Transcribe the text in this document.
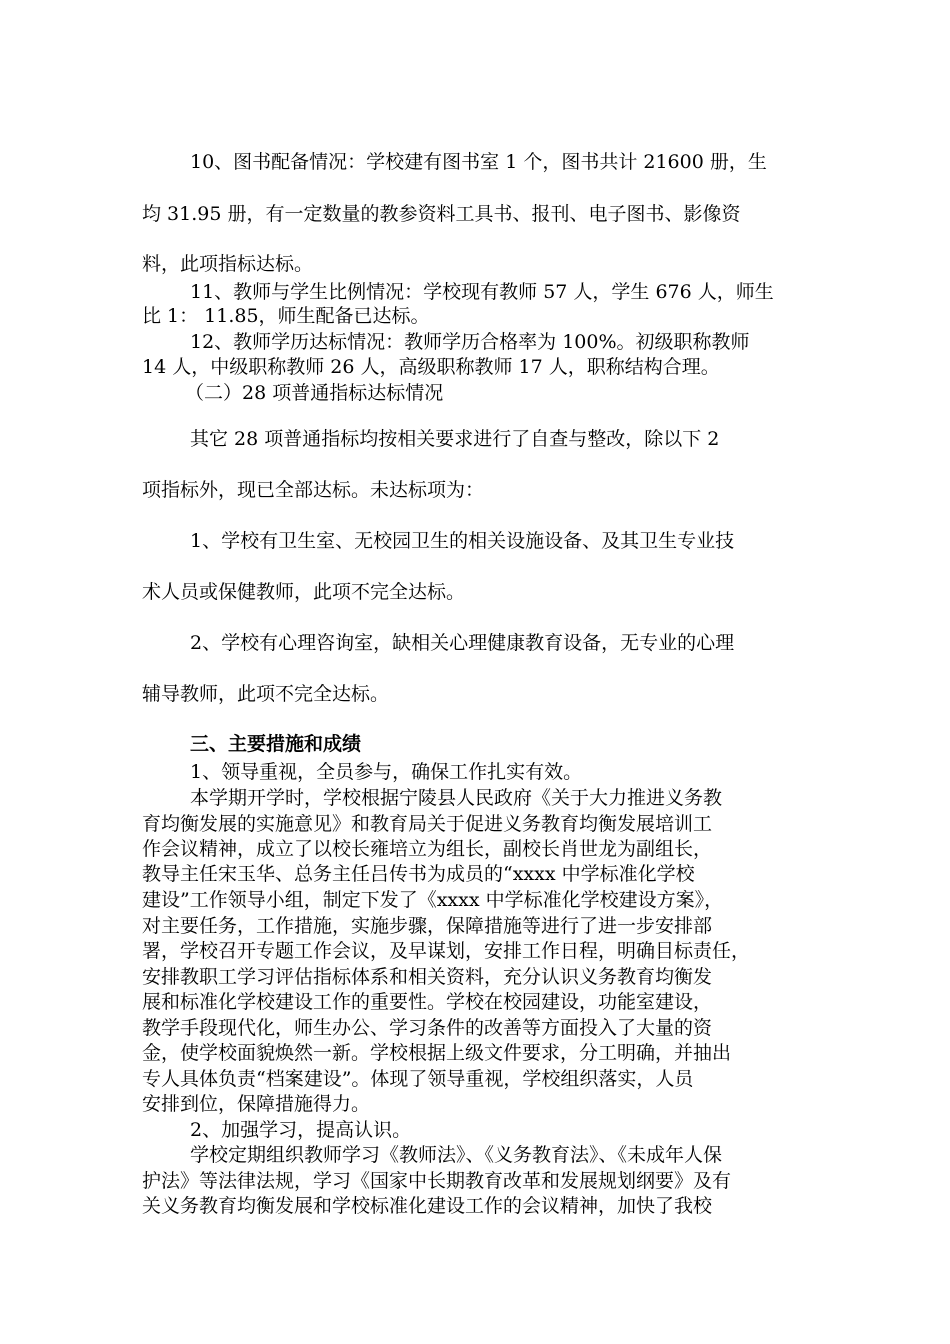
10、图书配备情况：学校建有图书室 1 个，图书共计 21600 册，生
均 31.95 册，有一定数量的教参资料工具书、报刊、电子图书、影像资
料，此项指标达标。
11、教师与学生比例情况：学校现有教师 57 人，学生 676 人，师生
比 1： 11.85，师生配备已达标。
12、教师学历达标情况：教师学历合格率为 100%。初级职称教师
14 人，中级职称教师 26 人，高级职称教师 17 人，职称结构合理。
（二）28 项普通指标达标情况
其它 28 项普通指标均按相关要求进行了自查与整改，除以下 2
项指标外，现已全部达标。未达标项为：
1、学校有卫生室、无校园卫生的相关设施设备、及其卫生专业技
术人员或保健教师，此项不完全达标。
2、学校有心理咨询室，缺相关心理健康教育设备，无专业的心理
辅导教师，此项不完全达标。
三、主要措施和成绩
1、领导重视，全员参与，确保工作扎实有效。
本学期开学时，学校根据宁陵县人民政府《关于大力推进义务教
育均衡发展的实施意见》和教育局关于促进义务教育均衡发展培训工
作会议精神，成立了以校长雍培立为组长，副校长肖世龙为副组长，
教导主任宋玉华、总务主任吕传书为成员的“xxxx 中学标准化学校
建设”工作领导小组，制定下发了《xxxx 中学标准化学校建设方案》，
对主要任务，工作措施，实施步骤，保障措施等进行了进一步安排部
署，学校召开专题工作会议，及早谋划，安排工作日程，明确目标责任，
安排教职工学习评估指标体系和相关资料，充分认识义务教育均衡发
展和标准化学校建设工作的重要性。学校在校园建设，功能室建设，
教学手段现代化，师生办公、学习条件的改善等方面投入了大量的资
金，使学校面貌焕然一新。学校根据上级文件要求，分工明确，并抽出
专人具体负责“档案建设”。体现了领导重视，学校组织落实，人员
安排到位，保障措施得力。
2、加强学习，提高认识。
学校定期组织教师学习《教师法》、《义务教育法》、《未成年人保
护法》等法律法规，学习《国家中长期教育改革和发展规划纲要》及有
关义务教育均衡发展和学校标准化建设工作的会议精神，加快了我校
